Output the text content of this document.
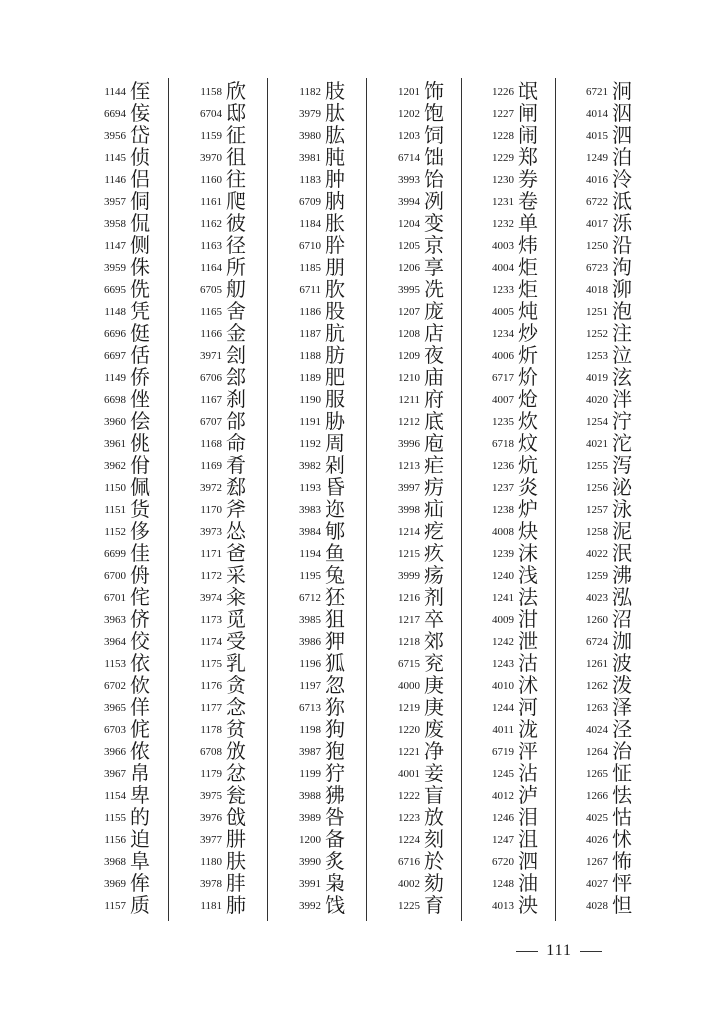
1144 侄
6694 侫
3956 岱
1145 侦
1146 侣
3957 侗
3958 侃
1147 侧
3959 侏
6695 侁
1148 凭
6696 侹
6697 佸
1149 侨
6698 侳
3960 侩
3961 佻
3962 佾
1150 佩
1151 货
1152 侈
6699 佳
6700 侜
6701 侘
3963 侪
3964 佼
1153 依
6702 佽
3965 佯
6703 侂
3966 侬
3967 帛
1154 卑
1155 的
1156 迫
3968 阜
3969 侔
1157 质
1158 欣
6704 邸
1159 征
3970 徂
1160 往
1161 爬
1162 彼
1163 径
1164 所
6705 舠
1165 舍
1166 金
3971 刽
6706 郐
1167 刹
6707 郃
1168 命
1169 肴
3972 郄
1170 斧
3973 怂
1171 爸
1172 采
3974 籴
1173 觅
1174 受
1175 乳
1176 贪
1177 念
1178 贫
6708 攽
1179 忿
3975 瓮
3976 戗
3977 肼
1180 肤
3978 肨
1181 肺
1182 肢
3979 肽
3980 肱
3981 肫
1183 肿
6709 肭
1184 胀
6710 肸
1185 朋
6711 肷
1186 股
1187 肮
1188 肪
1189 肥
1190 服
1191 胁
1192 周
3982 剁
1193 昏
3983 迩
3984 郇
1194 鱼
1195 兔
6712 狉
3985 狙
3986 狎
1196 狐
1197 忽
6713 狝
1198 狗
3987 狍
1199 狞
3988 狒
3989 咎
1200 备
3990 炙
3991 枭
3992 饯
1201 饰
1202 饱
1203 饲
6714 饳
3993 饴
3994 冽
1204 变
1205 京
1206 享
3995 冼
1207 庞
1208 店
1209 夜
1210 庙
1211 府
1212 底
3996 庖
1213 疟
3997 疠
3998 疝
1214 疙
1215 疚
3999 疡
1216 剂
1217 卒
1218 郊
6715 兖
4000 庚
1219 庚
1220 废
1221 净
4001 妾
1222 盲
1223 放
1224 刻
6716 於
4002 劾
1225 育
1226 氓
1227 闸
1228 闹
1229 郑
1230 券
1231 卷
1232 单
4003 炜
4004 炬
1233 炬
4005 炖
1234 炒
4006 炘
6717 炌
4007 炝
1235 炊
6718 炆
1236 炕
1237 炎
1238 炉
4008 炔
1239 沫
1240 浅
1241 法
4009 泔
1242 泄
1243 沽
4010 沭
1244 河
4011 泷
6719 泙
1245 沾
4012 泸
1246 泪
1247 沮
6720 泗
1248 油
4013 泱
6721 泂
4014 泅
4015 泗
1249 泊
4016 泠
6722 泜
4017 泺
1250 沿
6723 泃
4018 泖
1251 泡
1252 注
1253 泣
4019 泫
4020 泮
1254 泞
4021 沱
1255 泻
1256 泌
1257 泳
1258 泥
4022 泯
1259 沸
4023 泓
1260 沼
6724 泇
1261 波
1262 泼
1263 泽
4024 泾
1264 治
1265 怔
1266 怯
4025 怙
4026 怵
1267 怖
4027 怦
4028 怛
111
